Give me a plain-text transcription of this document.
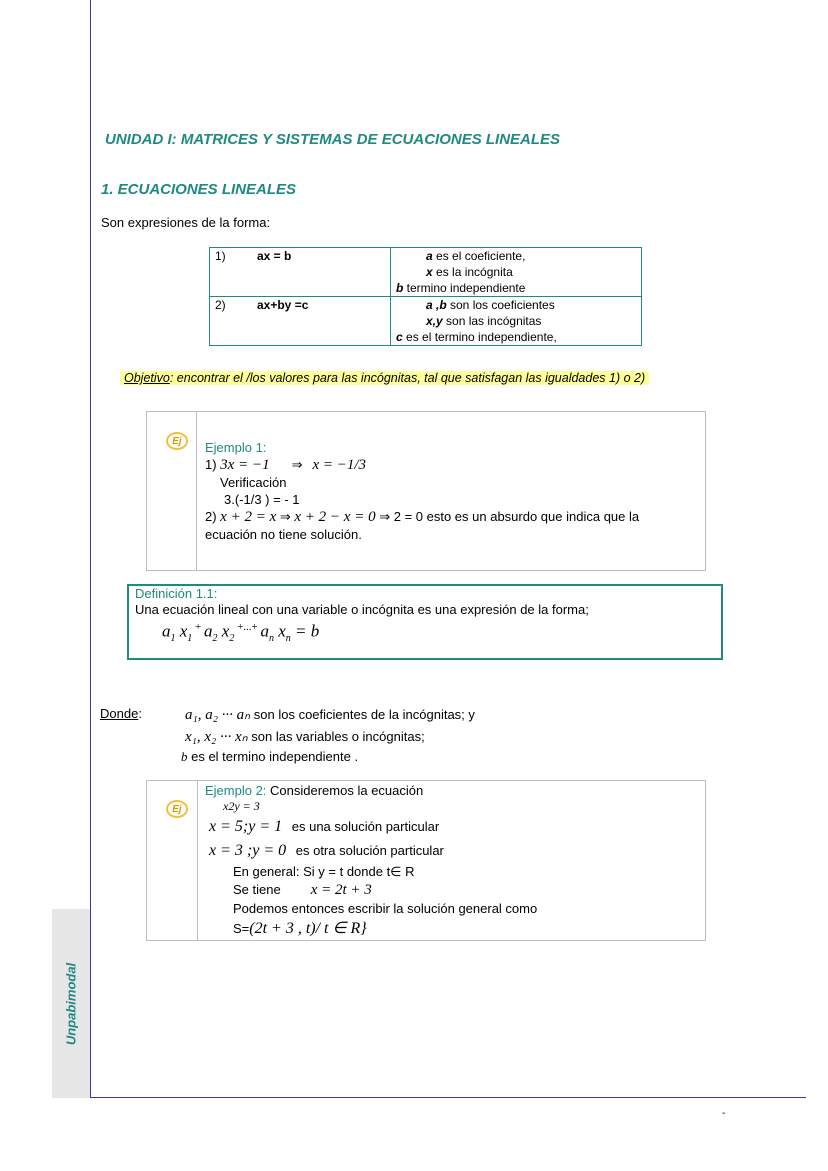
Unpabimodal
UNIDAD I: MATRICES Y SISTEMAS DE ECUACIONES LINEALES
1. ECUACIONES LINEALES
Son expresiones de la forma:
1) ax = b	a es el coeficiente,
x es la incógnita
b termino independiente

2) ax+by =c	a ,b son los coeficientes
x,y son las incógnitas
c es el termino independiente,
Objetivo: encontrar el /los valores para las incógnitas, tal que satisfagan las igualdades 1) o 2)
Ej	Ejemplo 1:
1) 3x = −1 ⇒ x = −1/3
Verificación
3.(-1/3 ) = - 1
2) x + 2 = x ⇒ x + 2 − x = 0 ⇒ 2 = 0 esto es un absurdo que indica que la
ecuación no tiene solución.
Definición 1.1:
Una ecuación lineal con una variable o incógnita es una expresión de la forma;
$a_1$ $x_1$ + $a_2$ $x_2$ +...+ $a_n$ $x_n = b$
Donde:	a₁, a₂ ··· aₙ son los coeficientes de la incógnitas; y
x₁, x₂ ··· xₙ son las variables o incógnitas;
b es el termino independiente .
Ej
Ejemplo 2: Consideremos la ecuación
x2y = 3
x = 5;y = 1 es una solución particular
x = 3 ;y = 0 es otra solución particular
En general: Si y = t donde t∈ R
Se tiene x = 2t + 3
Podemos entonces escribir la solución general como
S=(2t + 3 , t)/ t ∈ R}
-
